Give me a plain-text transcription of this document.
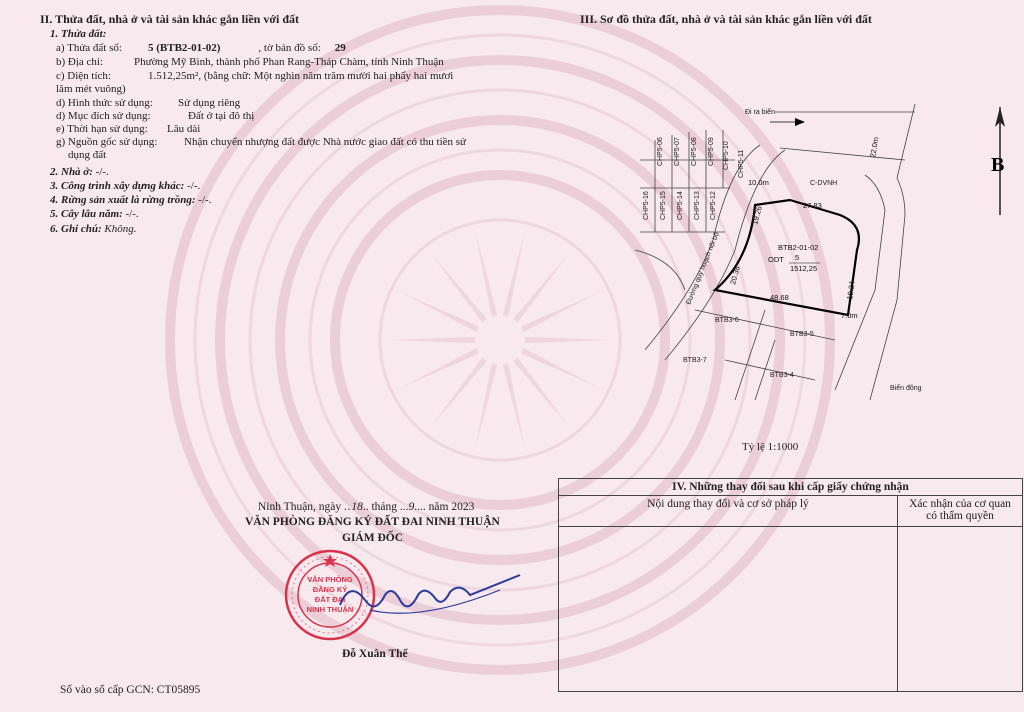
II. Thửa đất, nhà ở và tài sản khác gắn liền với đất
1. Thửa đất:
a) Thửa đất số: 5 (BTB2-01-02)	, tờ bản đồ số: 29
b) Địa chỉ:	Phường Mỹ Bình, thành phố Phan Rang-Tháp Chàm, tỉnh Ninh Thuận
c) Diện tích:	1.512,25m², (bằng chữ: Một nghìn năm trăm mười hai phẩy hai mươi
lăm mét vuông)
d) Hình thức sử dụng: Sử dụng riêng
d) Mục đích sử dụng:	Đất ở tại đô thị
e) Thời hạn sử dụng: Lâu dài
g) Nguồn gốc sử dụng: Nhận chuyển nhượng đất được Nhà nước giao đất có thu tiền sử
dụng đất
2. Nhà ở: -/-.
3. Công trình xây dựng khác: -/-.
4. Rừng sản xuất là rừng trồng: -/-.
5. Cây lâu năm: -/-.
6. Ghi chú: Không.
III. Sơ đồ thửa đất, nhà ở và tài sản khác gắn liền với đất
B
Đi ra biển
Biển đông
Đường quy hoạch nội bộ
C-DVNH
BTB2-01-02
ODT 5
1512,25
22.0m
10.0m
27.83
19.26
20.38
48.68	19.24
7.0m
CHP5-06 CHP5-07 CHP5-08 CHP5-09 CHP5-10 CHP5-11
CHP5-16 CHP5-15 CHP5-14 CHP5-13 CHP5-12
BTB3-6
BTB3-5
BTB3-7
BTB3-4
Tỷ lệ 1:1000
IV. Những thay đổi sau khi cấp giấy chứng nhận	
Nội dung thay đổi và cơ sở pháp lý	Xác nhận của cơ quan
có thẩm quyền

Ninh Thuận, ngày ..18.. tháng ...9.... năm 2023
VĂN PHÒNG ĐĂNG KÝ ĐẤT ĐAI NINH THUẬN
GIÁM ĐỐC
VĂN PHÒNG
ĐĂNG KÝ
ĐẤT ĐAI
NINH THUẬN
Đỗ Xuân Thể
Số vào sổ cấp GCN: CT05895
